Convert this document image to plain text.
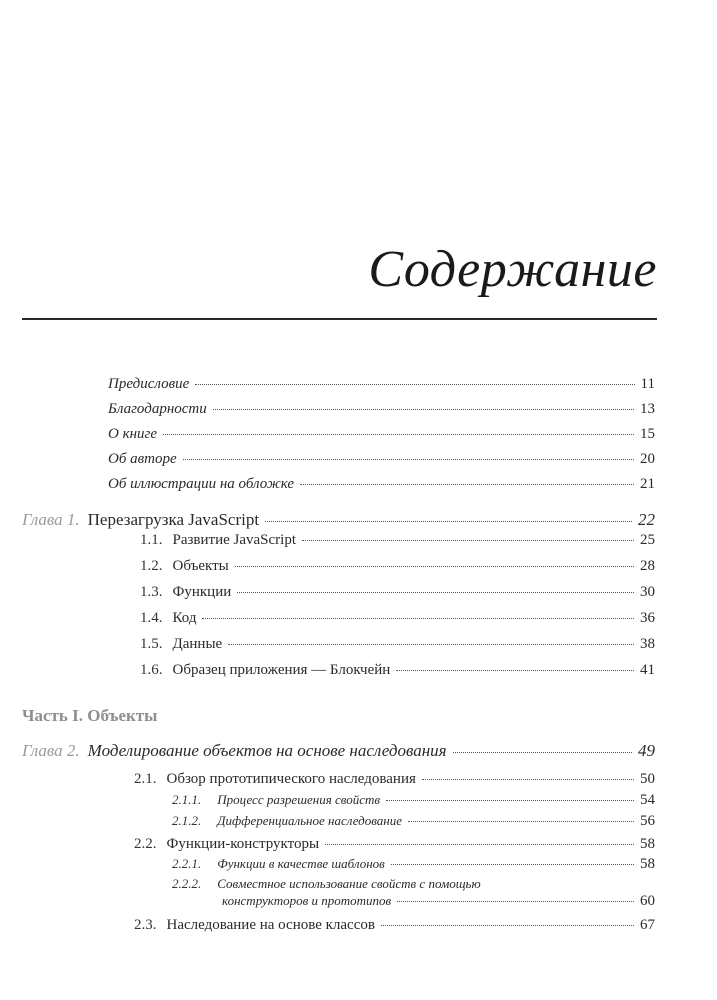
Содержание
Предисловие	11
Благодарности	13
О книге	15
Об авторе	20
Об иллюстрации на обложке	21
Глава 1. Перезагрузка JavaScript	22
1.1. Развитие JavaScript	25
1.2. Объекты	28
1.3. Функции	30
1.4. Код	36
1.5. Данные	38
1.6. Образец приложения — Блокчейн	41
Часть I. Объекты
Глава 2. Моделирование объектов на основе наследования	49
2.1. Обзор прототипического наследования	50
2.1.1. Процесс разрешения свойств	54
2.1.2. Дифференциальное наследование	56
2.2. Функции-конструкторы	58
2.2.1. Функции в качестве шаблонов	58
2.2.2. Совместное использование свойств с помощью
конструкторов и прототипов	60
2.3. Наследование на основе классов	67
